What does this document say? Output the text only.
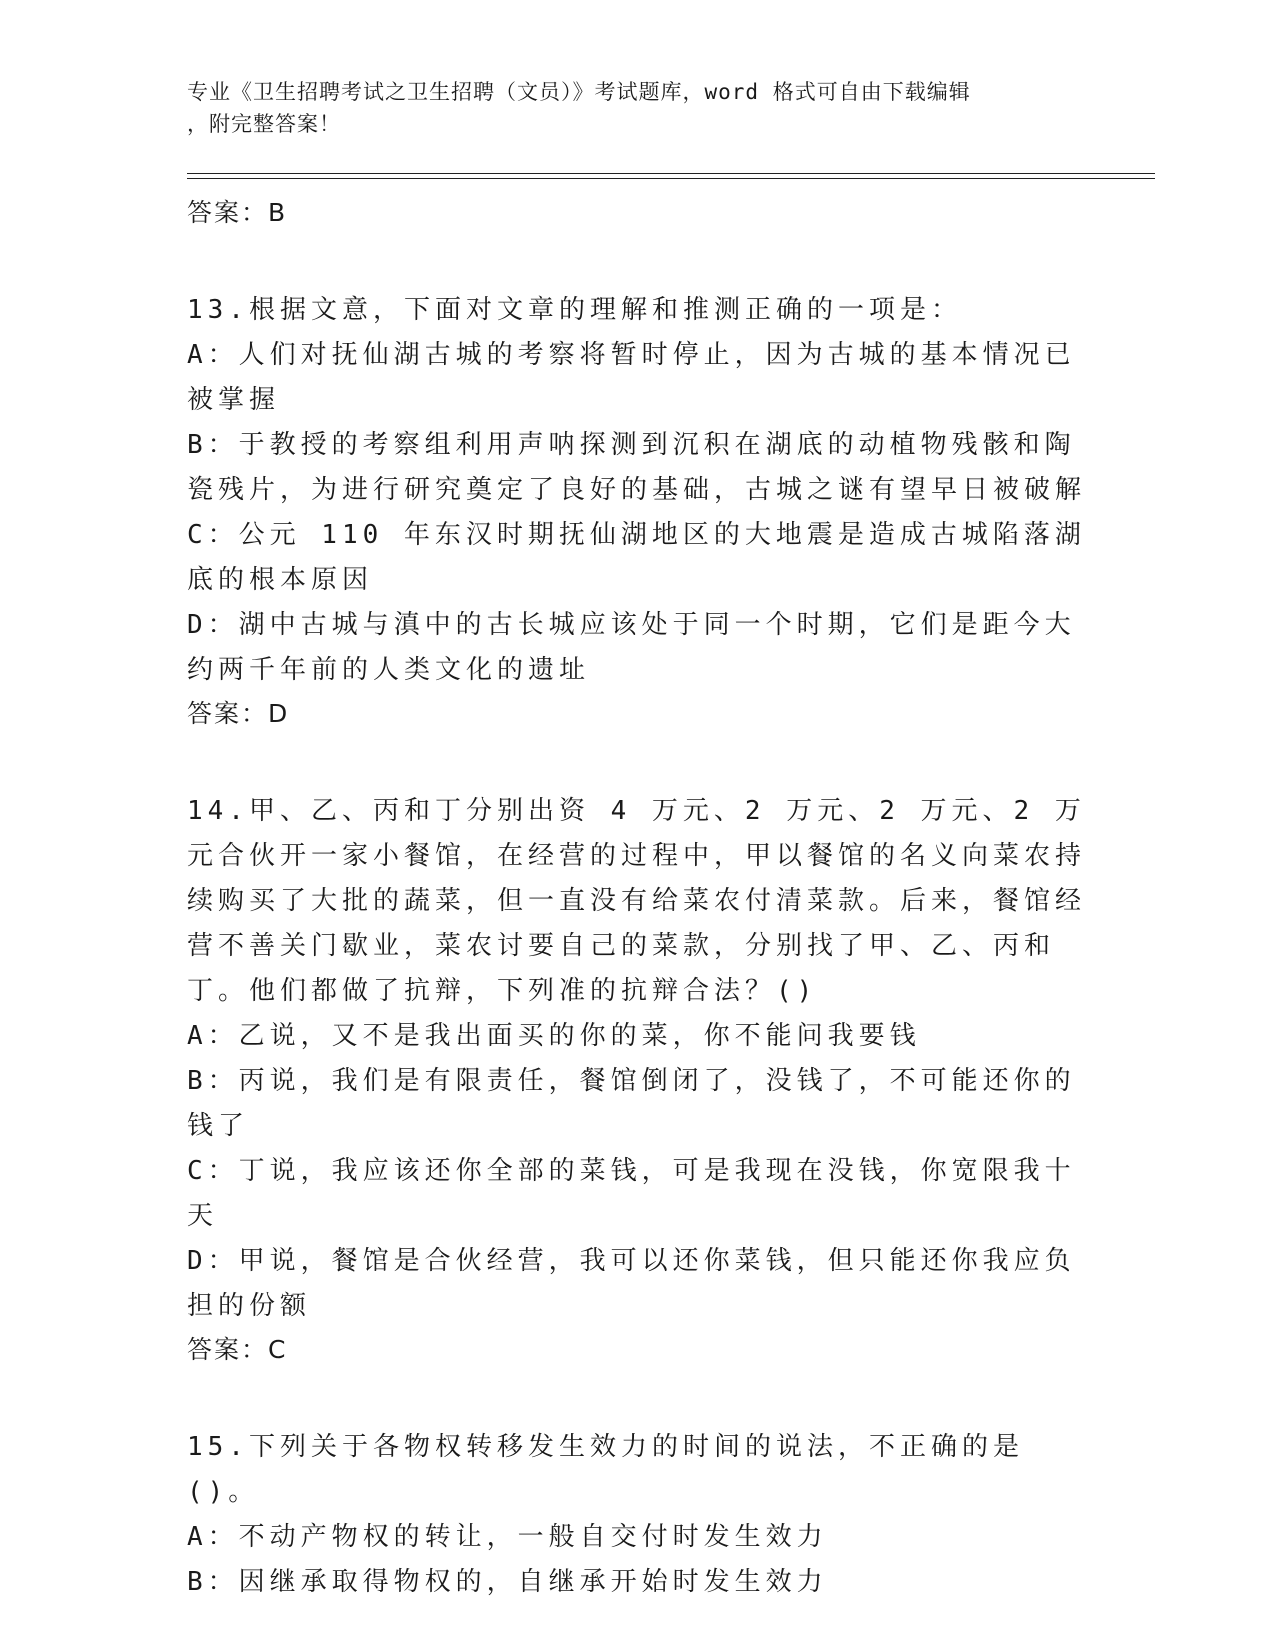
专业《卫生招聘考试之卫生招聘（文员）》考试题库，word 格式可自由下载编辑
，附完整答案！
答案：B
13.根据文意，下面对文章的理解和推测正确的一项是：
A：人们对抚仙湖古城的考察将暂时停止，因为古城的基本情况已被掌握
B：于教授的考察组利用声呐探测到沉积在湖底的动植物残骸和陶瓷残片，为进行研究奠定了良好的基础，古城之谜有望早日被破解
C：公元 110 年东汉时期抚仙湖地区的大地震是造成古城陷落湖底的根本原因
D：湖中古城与滇中的古长城应该处于同一个时期，它们是距今大约两千年前的人类文化的遗址
答案：D
14.甲、乙、丙和丁分别出资 4 万元、2 万元、2 万元、2 万元合伙开一家小餐馆，在经营的过程中，甲以餐馆的名义向菜农持续购买了大批的蔬菜，但一直没有给菜农付清菜款。后来，餐馆经营不善关门歇业，菜农讨要自己的菜款，分别找了甲、乙、丙和丁。他们都做了抗辩，下列准的抗辩合法？()
A：乙说，又不是我出面买的你的菜，你不能问我要钱
B：丙说，我们是有限责任，餐馆倒闭了，没钱了，不可能还你的钱了
C：丁说，我应该还你全部的菜钱，可是我现在没钱，你宽限我十天
D：甲说，餐馆是合伙经营，我可以还你菜钱，但只能还你我应负担的份额
答案：C
15.下列关于各物权转移发生效力的时间的说法，不正确的是()。
A：不动产物权的转让，一般自交付时发生效力
B：因继承取得物权的，自继承开始时发生效力
